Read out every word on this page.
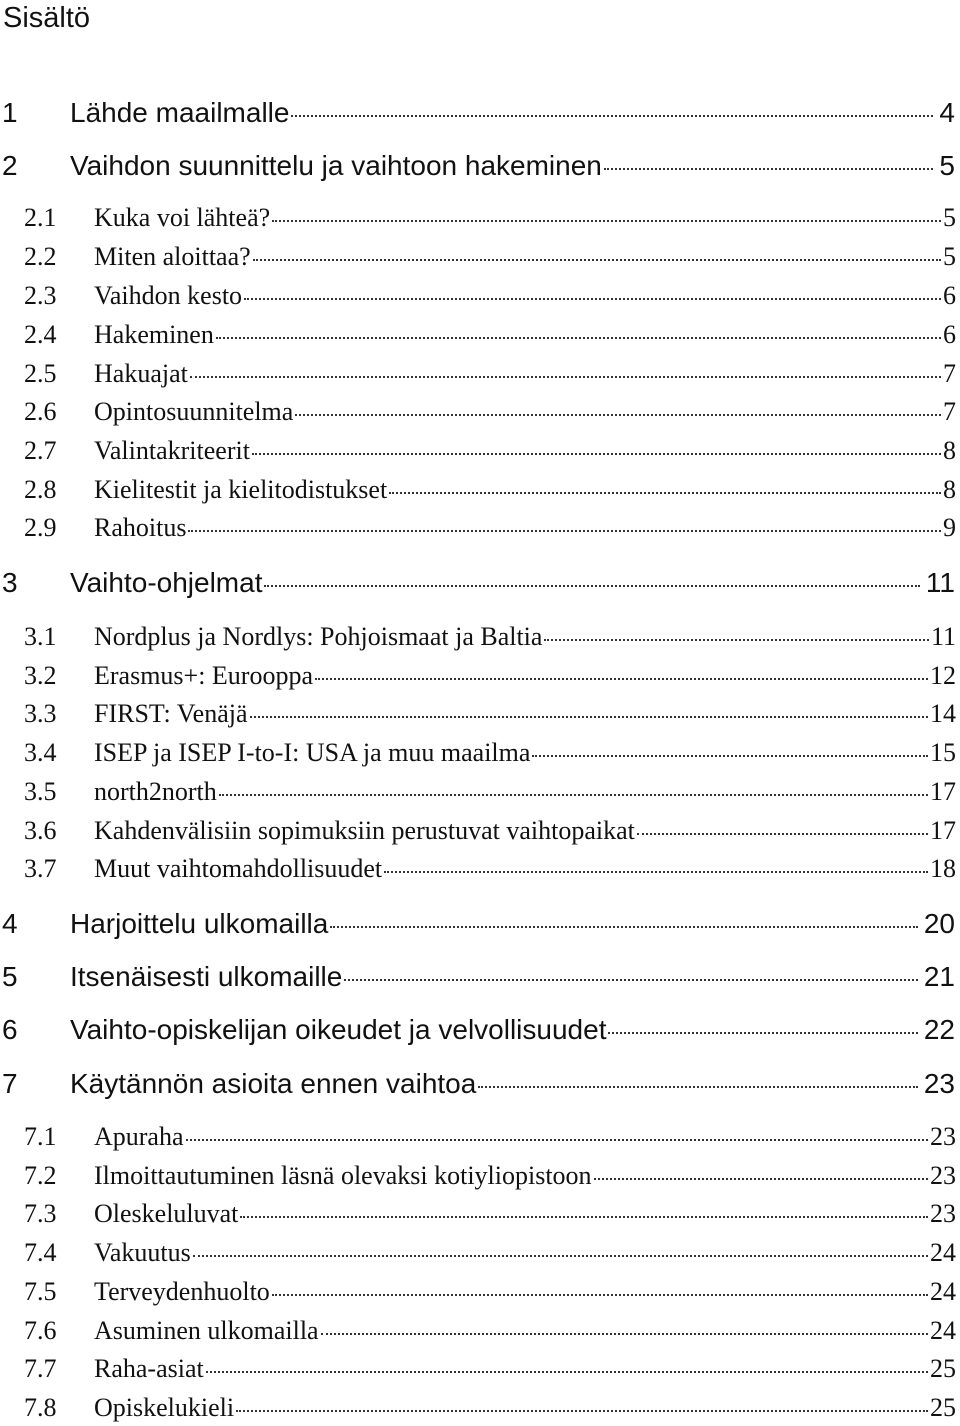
Sisältö
1	Lähde maailmalle	4
2	Vaihdon suunnittelu ja vaihtoon hakeminen	5
2.1	Kuka voi lähteä?	5
2.2	Miten aloittaa?	5
2.3	Vaihdon kesto	6
2.4	Hakeminen	6
2.5	Hakuajat	7
2.6	Opintosuunnitelma	7
2.7	Valintakriteerit	8
2.8	Kielitestit ja kielitodistukset	8
2.9	Rahoitus	9
3	Vaihto-ohjelmat	11
3.1	Nordplus ja Nordlys: Pohjoismaat ja Baltia	11
3.2	Erasmus+: Eurooppa	12
3.3	FIRST: Venäjä	14
3.4	ISEP ja ISEP I-to-I: USA ja muu maailma	15
3.5	north2north	17
3.6	Kahdenvälisiin sopimuksiin perustuvat vaihtopaikat	17
3.7	Muut vaihtomahdollisuudet	18
4	Harjoittelu ulkomailla	20
5	Itsenäisesti ulkomaille	21
6	Vaihto-opiskelijan oikeudet ja velvollisuudet	22
7	Käytännön asioita ennen vaihtoa	23
7.1	Apuraha	23
7.2	Ilmoittautuminen läsnä olevaksi kotiyliopistoon	23
7.3	Oleskeluluvat	23
7.4	Vakuutus	24
7.5	Terveydenhuolto	24
7.6	Asuminen ulkomailla	24
7.7	Raha-asiat	25
7.8	Opiskelukieli	25
